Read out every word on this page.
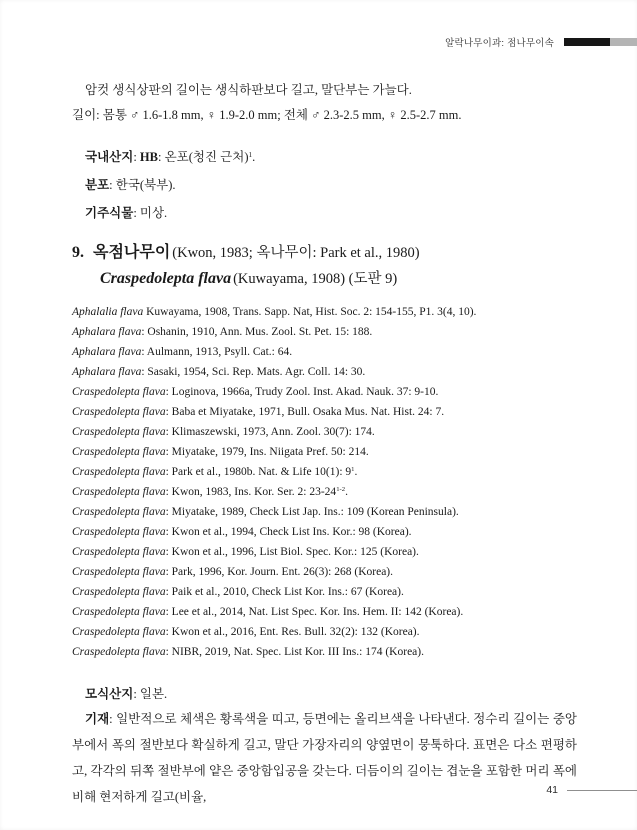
알락나무이과: 점나무이속

암컷 생식상판의 길이는 생식하판보다 길고, 말단부는 가늘다.

길이: 몸통 ♂ 1.6-1.8 mm, ♀ 1.9-2.0 mm; 전체 ♂ 2.3-2.5 mm, ♀ 2.5-2.7 mm.

국내산지: HB: 온포(청진 근처)$^1$.

분포: 한국(북부).

기주식물: 미상.

9. 옥점나무이 (Kwon, 1983; 옥나무이: Park et al., 1980)
Craspedolepta flava (Kuwayama, 1908) (도판 9)

Aphalalia flava Kuwayama, 1908, Trans. Sapp. Nat, Hist. Soc. 2: 154-155, P1. 3(4, 10).

Aphalara flava: Oshanin, 1910, Ann. Mus. Zool. St. Pet. 15: 188.

Aphalara flava: Aulmann, 1913, Psyll. Cat.: 64.

Aphalara flava: Sasaki, 1954, Sci. Rep. Mats. Agr. Coll. 14: 30.

Craspedolepta flava: Loginova, 1966a, Trudy Zool. Inst. Akad. Nauk. 37: 9-10.

Craspedolepta flava: Baba et Miyatake, 1971, Bull. Osaka Mus. Nat. Hist. 24: 7.

Craspedolepta flava: Klimaszewski, 1973, Ann. Zool. 30(7): 174.

Craspedolepta flava: Miyatake, 1979, Ins. Niigata Pref. 50: 214.

Craspedolepta flava: Park et al., 1980b. Nat. & Life 10(1): $9^1$.

Craspedolepta flava: Kwon, 1983, Ins. Kor. Ser. 2: 23-24$^{1-2}$.

Craspedolepta flava: Miyatake, 1989, Check List Jap. Ins.: 109 (Korean Peninsula).

Craspedolepta flava: Kwon et al., 1994, Check List Ins. Kor.: 98 (Korea).

Craspedolepta flava: Kwon et al., 1996, List Biol. Spec. Kor.: 125 (Korea).

Craspedolepta flava: Park, 1996, Kor. Journ. Ent. 26(3): 268 (Korea).

Craspedolepta flava: Paik et al., 2010, Check List Kor. Ins.: 67 (Korea).

Craspedolepta flava: Lee et al., 2014, Nat. List Spec. Kor. Ins. Hem. II: 142 (Korea).

Craspedolepta flava: Kwon et al., 2016, Ent. Res. Bull. 32(2): 132 (Korea).

Craspedolepta flava: NIBR, 2019, Nat. Spec. List Kor. III Ins.: 174 (Korea).

모식산지: 일본.

기재: 일반적으로 체색은 황록색을 띠고, 등면에는 올리브색을 나타낸다. 정수리 길이는 중앙부에서 폭의 절반보다 확실하게 길고, 말단 가장자리의 양옆면이 뭉툭하다. 표면은 다소 편평하고, 각각의 뒤쪽 절반부에 얕은 중앙함입공을 갖는다. 더듬이의 길이는 겹눈을 포함한 머리 폭에 비해 현저하게 길고(비율,	41
